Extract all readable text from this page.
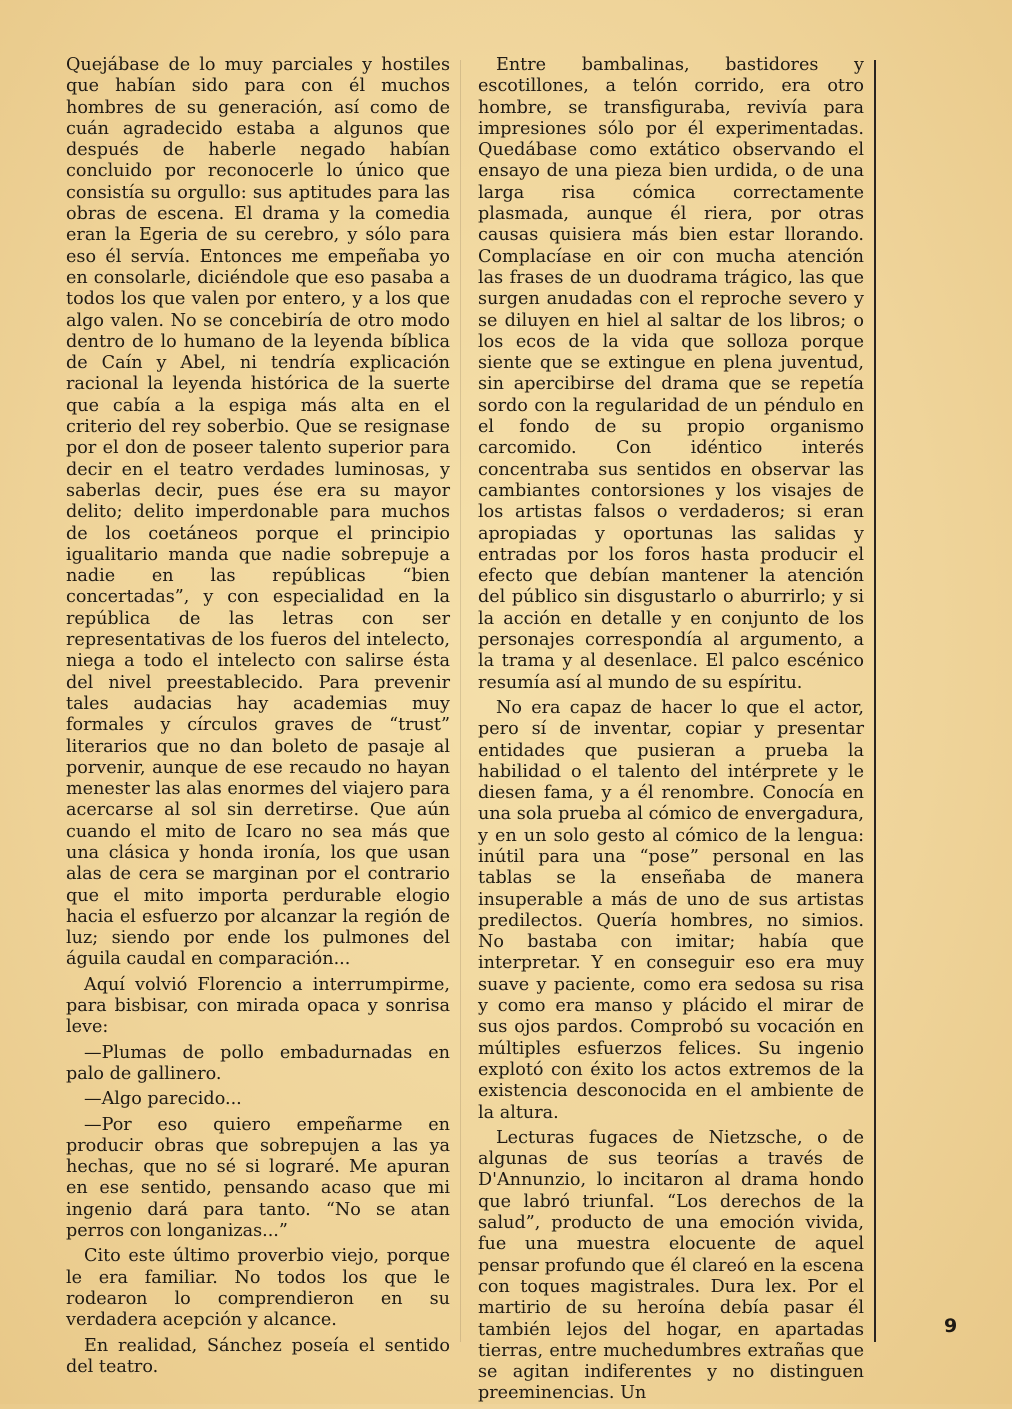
Quejábase de lo muy parciales y hostiles que habían sido para con él muchos hombres de su generación, así como de cuán agradecido estaba a algunos que después de haberle negado habían concluido por reconocerle lo único que consistía su orgullo: sus aptitudes para las obras de escena. El drama y la comedia eran la Egeria de su cerebro, y sólo para eso él servía. Entonces me empeñaba yo en consolarle, diciéndole que eso pasaba a todos los que valen por entero, y a los que algo valen. No se concebiría de otro modo dentro de lo humano de la leyenda bíblica de Caín y Abel, ni tendría explicación racional la leyenda histórica de la suerte que cabía a la espiga más alta en el criterio del rey soberbio. Que se resignase por el don de poseer talento superior para decir en el teatro verdades luminosas, y saberlas decir, pues ése era su mayor delito; delito imperdonable para muchos de los coetáneos porque el principio igualitario manda que nadie sobrepuje a nadie en las repúblicas “bien concertadas”, y con especialidad en la república de las letras con ser representativas de los fueros del intelecto, niega a todo el intelecto con salirse ésta del nivel preestablecido. Para prevenir tales audacias hay academias muy formales y círculos graves de “trust” literarios que no dan boleto de pasaje al porvenir, aunque de ese recaudo no hayan menester las alas enormes del viajero para acercarse al sol sin derretirse. Que aún cuando el mito de Icaro no sea más que una clásica y honda ironía, los que usan alas de cera se marginan por el contrario que el mito importa perdurable elogio hacia el esfuerzo por alcanzar la región de luz; siendo por ende los pulmones del águila caudal en comparación...

Aquí volvió Florencio a interrumpirme, para bisbisar, con mirada opaca y sonrisa leve:

—Plumas de pollo embadurnadas en palo de gallinero.

—Algo parecido...

—Por eso quiero empeñarme en producir obras que sobrepujen a las ya hechas, que no sé si lograré. Me apuran en ese sentido, pensando acaso que mi ingenio dará para tanto. “No se atan perros con longanizas...”

Cito este último proverbio viejo, porque le era familiar. No todos los que le rodearon lo comprendieron en su verdadera acepción y alcance.

En realidad, Sánchez poseía el sentido del teatro.

Entre bambalinas, bastidores y escotillones, a telón corrido, era otro hombre, se transfiguraba, revivía para impresiones sólo por él experimentadas. Quedábase como extático observando el ensayo de una pieza bien urdida, o de una larga risa cómica correctamente plasmada, aunque él riera, por otras causas quisiera más bien estar llorando. Complacíase en oir con mucha atención las frases de un duodrama trágico, las que surgen anudadas con el reproche severo y se diluyen en hiel al saltar de los libros; o los ecos de la vida que solloza porque siente que se extingue en plena juventud, sin apercibirse del drama que se repetía sordo con la regularidad de un péndulo en el fondo de su propio organismo carcomido. Con idéntico interés concentraba sus sentidos en observar las cambiantes contorsiones y los visajes de los artistas falsos o verdaderos; si eran apropiadas y oportunas las salidas y entradas por los foros hasta producir el efecto que debían mantener la atención del público sin disgustarlo o aburrirlo; y si la acción en detalle y en conjunto de los personajes correspondía al argumento, a la trama y al desenlace. El palco escénico resumía así al mundo de su espíritu.

No era capaz de hacer lo que el actor, pero sí de inventar, copiar y presentar entidades que pusieran a prueba la habilidad o el talento del intérprete y le diesen fama, y a él renombre. Conocía en una sola prueba al cómico de envergadura, y en un solo gesto al cómico de la lengua: inútil para una “pose” personal en las tablas se la enseñaba de manera insuperable a más de uno de sus artistas predilectos. Quería hombres, no simios. No bastaba con imitar; había que interpretar. Y en conseguir eso era muy suave y paciente, como era sedosa su risa y como era manso y plácido el mirar de sus ojos pardos. Comprobó su vocación en múltiples esfuerzos felices. Su ingenio explotó con éxito los actos extremos de la existencia desconocida en el ambiente de la altura.

Lecturas fugaces de Nietzsche, o de algunas de sus teorías a través de D'Annunzio, lo incitaron al drama hondo que labró triunfal. “Los derechos de la salud”, producto de una emoción vivida, fue una muestra elocuente de aquel pensar profundo que él clareó en la escena con toques magistrales. Dura lex. Por el martirio de su heroína debía pasar él también lejos del hogar, en apartadas tierras, entre muchedumbres extrañas que se agitan indiferentes y no distinguen preeminencias. Un

9
